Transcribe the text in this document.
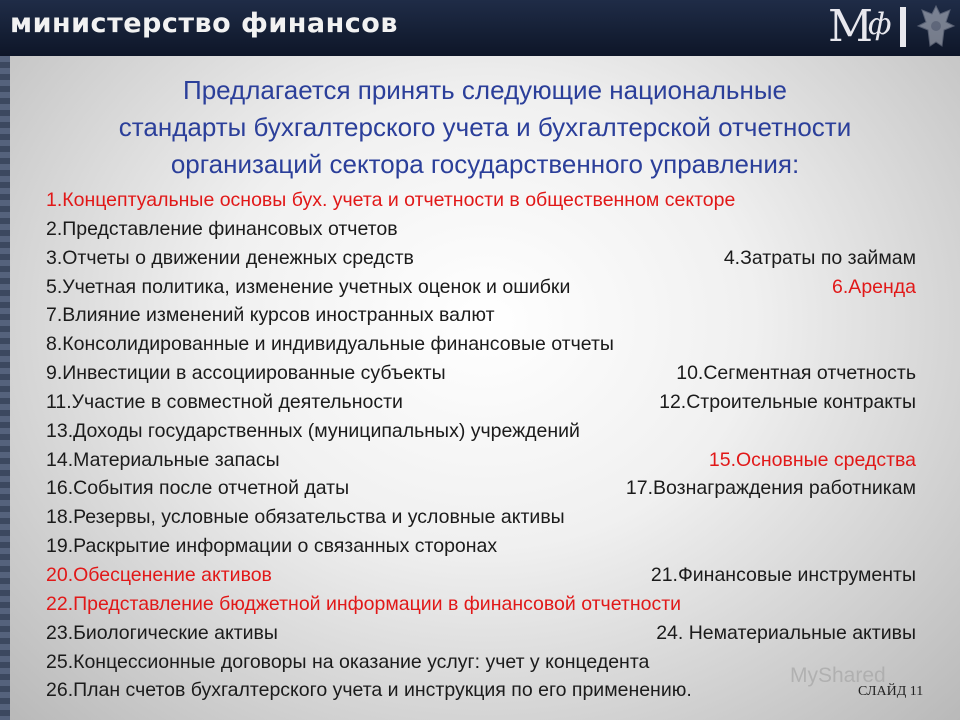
министерство финансов	М
ф
Предлагается принять следующие национальные
стандарты бухгалтерского учета и бухгалтерской отчетности
организаций сектора государственного управления:
1.Концептуальные основы бух. учета и отчетности в общественном секторе
2.Представление финансовых отчетов
3.Отчеты о движении денежных средств	4.Затраты по займам
5.Учетная политика, изменение учетных оценок и ошибки	6.Аренда
7.Влияние изменений курсов иностранных валют
8.Консолидированные и индивидуальные финансовые отчеты
9.Инвестиции в ассоциированные субъекты	10.Сегментная отчетность
11.Участие в совместной деятельности	12.Строительные контракты
13.Доходы государственных (муниципальных) учреждений
14.Материальные запасы	15.Основные средства
16.События после отчетной даты	17.Вознаграждения работникам
18.Резервы, условные обязательства и условные активы
19.Раскрытие информации о связанных сторонах
20.Обесценение активов	21.Финансовые инструменты
22.Представление бюджетной информации в финансовой отчетности
23.Биологические активы	24. Нематериальные активы
25.Концессионные договоры на оказание услуг: учет у концедента
26.План счетов бухгалтерского учета и инструкция по его применению.
MyShared
СЛАЙД 11
